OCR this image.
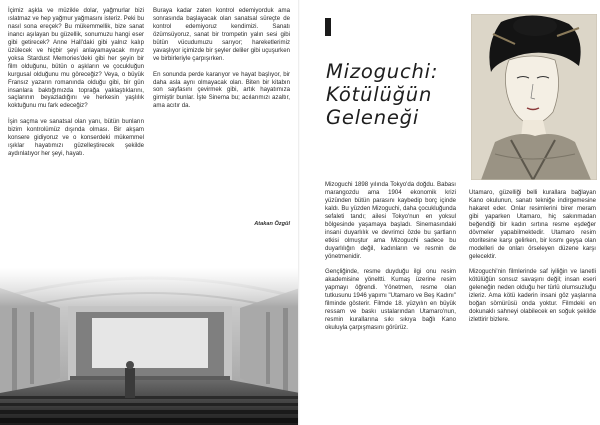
İçimiz aşkla ve müzikle dolar, yağmurlar bizi ıslatmaz ve hep yağmur yağmasını isteriz. Peki bu nasıl sona ereçek? Bu mükemmellik, bize sanat inancı aşılayan bu güzellik, sonumuzu hangi eser gibi getirecek? Anne Hall'daki gibi yalnız kalıp üzülecek ve hiçbir şeyi anlayamayacak mıyız yoksa Stardust Memories'deki gibi her şeyin bir film olduğunu, bütün o aşkların ve çocukluğun kurgusal olduğunu mu göreceğiz? Veya, o büyük Fransız yazarın romanında olduğu gibi, bir gün insanlara baktığımızda toprağa yaklaştıklarını, saçlarının beyazladığını ve herkesin yaşlılık koktuğunu mu fark edeceğiz?

İşin saçma ve sanatsal olan yanı, bütün bunların bizim kontrolümüz dışında olması. Bir akşam konsere gidiyoruz ve o konserdeki mükemmel ışıklar hayatımızı güzelleştirecek şekilde aydınlatıyor her şeyi, hayatı.

Buraya kadar zaten kontrol edemiyorduk ama sonrasında başlayacak olan sanatsal süreçte de kontrol edemiyoruz kendimizi. Sanatı özümsüyoruz, sanat bir trompetin yalın sesi gibi bütün vücudumuzu sarıyor; hareketlerimiz yavaşlıyor içimizde bir şeyler deliler gibi uçuşurken ve birbirleriyle çarpışırken.

En sonunda perde kararıyor ve hayat başlıyor, bir daha asla aynı olmayacak olan. Biten bir kitabın son sayfasını çevirmek gibi, artık hayatımıza girmiştir bunlar. İşte Sinema bu; acılarımızı azaltır, ama acıtır da.

Atakan Özgül
Mizoguchi:
Kötülüğün
Geleneği

Mizoguchi 1898 yılında Tokyo'da doğdu. Babası marangozdu ama 1904 ekonomik krizi yüzünden bütün parasını kaybedip borç içinde kaldı. Bu yüzden Mizoguchi, daha çocukluğunda sefaleti tandı; ailesi Tokyo'nun en yoksul bölgesinde yaşamaya başladı. Sinemasındaki insani duyarlılık ve devrimci özde bu şartların etkisi olmuştur ama Mizoguchi sadece bu duyarlılığın değil, kadınların ve resmin de yönetmenidir.

Gençliğinde, resme duyduğu ilgi onu resim akademisine yöneltti. Kumaş üzerine resim yapmayı öğrendi. Yönetmen, resme olan tutkusunu 1946 yapımı "Utamaro ve Beş Kadını" filminde gösterir. Filmde 18. yüzyılın en büyük ressam ve baskı ustalarından Utamaro'nun, resmin kurallarına sıkı sıkıya bağlı Kano okuluyla çarpışmasını görürüz.

Utamaro, güzelliği belli kurallara bağlayan Kano okulunun, sanatı tekniğe indirgemesine hakaret eder. Onlar resimlerini birer meram gibi yaparken Utamaro, hiç sakınmadan beğendiği bir kadın sırtına resme eşdeğer dövmeler yapabilmektedir. Utamaro resim otoritesine karşı gelirken, bir kısmı geyşa olan modelleri de onları örseleyen düzene karşı gelecektir.

Mizoguchi'nin filmlerinde saf iyiliğin ve lanetli kötülüğün sonsuz savaşını değil; insan eseri geleneğin neden olduğu her türlü olumsuzluğu izleriz. Ama kötü kaderin insani göz yaşlarına boğan sömürüsü onda yoktur. Filmdeki en dokunaklı sahneyi olabilecek en soğuk şekilde izlettirir bizlere.
